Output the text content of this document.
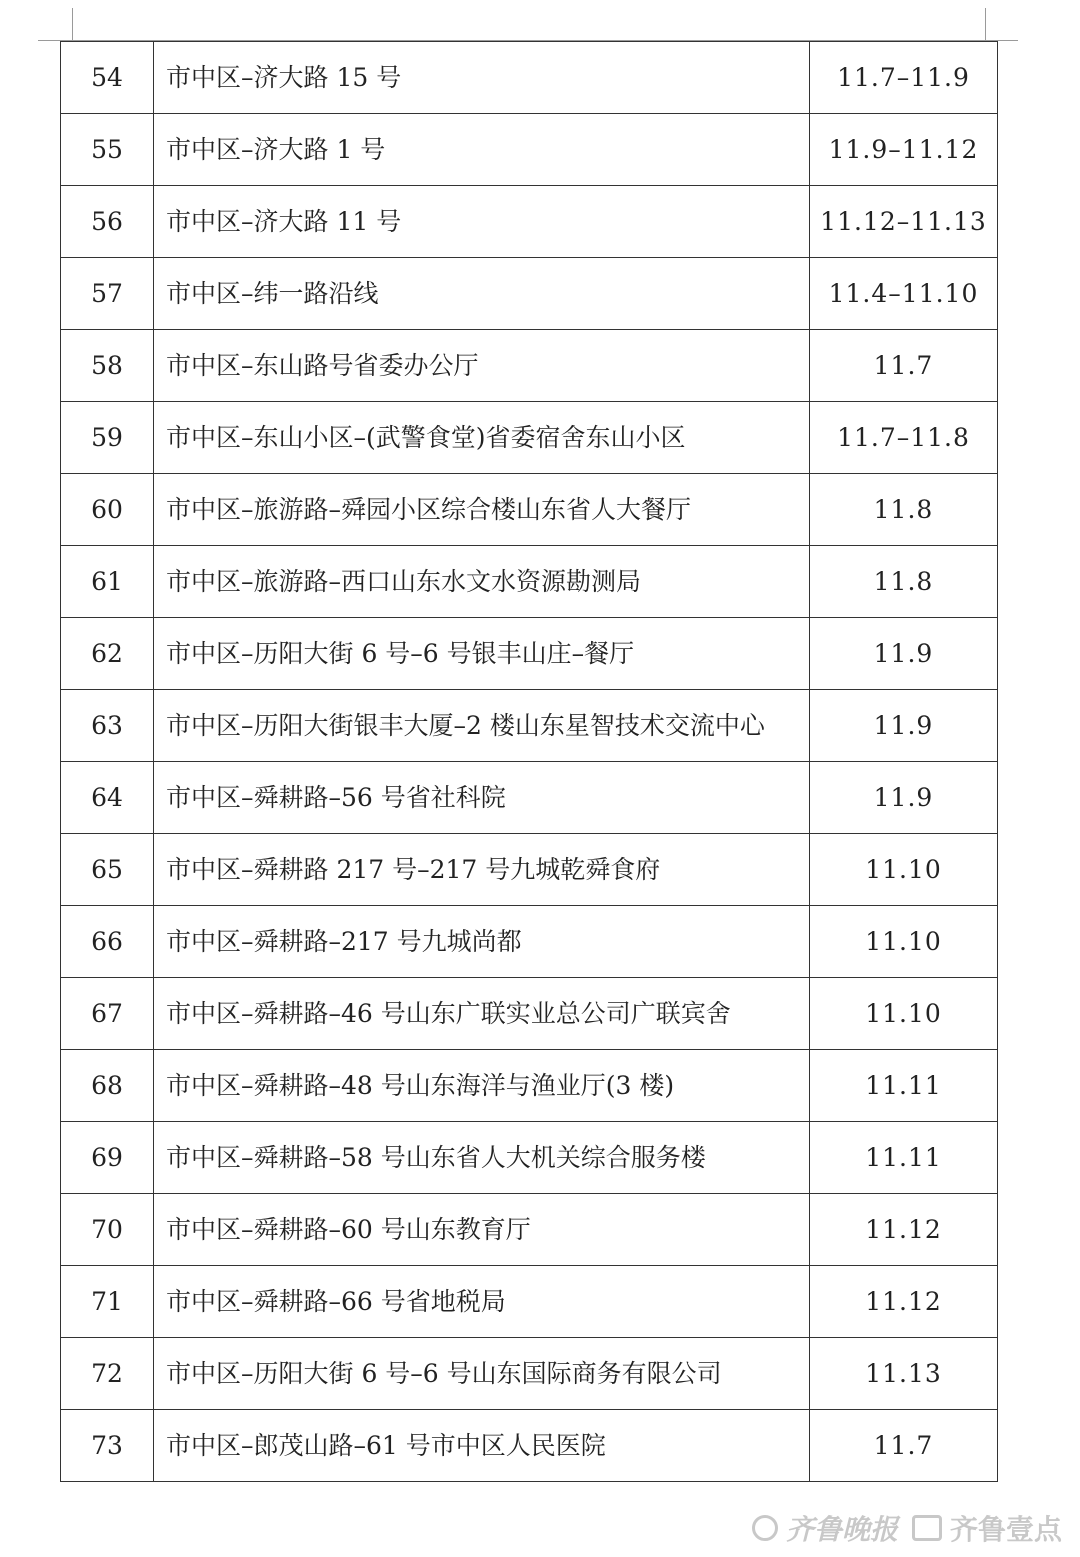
54	市中区–济大路 15 号	11.7–11.9
55	市中区–济大路 1 号	11.9–11.12
56	市中区–济大路 11 号	11.12–11.13
57	市中区–纬一路沿线	11.4–11.10
58	市中区–东山路号省委办公厅	11.7
59	市中区–东山小区–(武警食堂)省委宿舍东山小区	11.7–11.8
60	市中区–旅游路–舜园小区综合楼山东省人大餐厅	11.8
61	市中区–旅游路–西口山东水文水资源勘测局	11.8
62	市中区–历阳大街 6 号–6 号银丰山庄–餐厅	11.9
63	市中区–历阳大街银丰大厦–2 楼山东星智技术交流中心	11.9
64	市中区–舜耕路–56 号省社科院	11.9
65	市中区–舜耕路 217 号–217 号九城乾舜食府	11.10
66	市中区–舜耕路–217 号九城尚都	11.10
67	市中区–舜耕路–46 号山东广联实业总公司广联宾舍	11.10
68	市中区–舜耕路–48 号山东海洋与渔业厅(3 楼)	11.11
69	市中区–舜耕路–58 号山东省人大机关综合服务楼	11.11
70	市中区–舜耕路–60 号山东教育厅	11.12
71	市中区–舜耕路–66 号省地税局	11.12
72	市中区–历阳大街 6 号–6 号山东国际商务有限公司	11.13
73	市中区–郎茂山路–61 号市中区人民医院	11.7
齐鲁晚报 齐鲁壹点
